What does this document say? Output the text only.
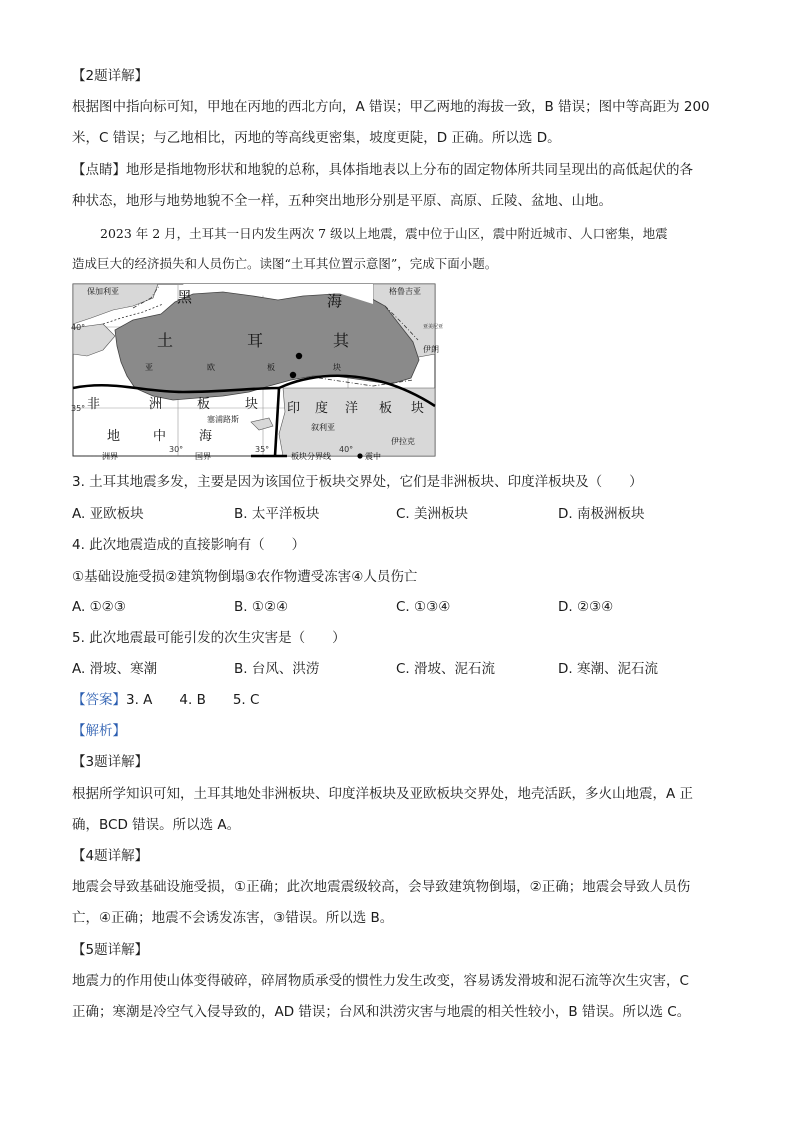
【2题详解】
根据图中指向标可知，甲地在丙地的西北方向，A 错误；甲乙两地的海拔一致，B 错误；图中等高距为 200
米，C 错误；与乙地相比，丙地的等高线更密集，坡度更陡，D 正确。所以选 D。
【点睛】地形是指地物形状和地貌的总称，具体指地表以上分布的固定物体所共同呈现出的高低起伏的各
种状态，地形与地势地貌不全一样，五种突出地形分别是平原、高原、丘陵、盆地、山地。
2023 年 2 月，土耳其一日内发生两次 7 级以上地震，震中位于山区，震中附近城市、人口密集，地震
造成巨大的经济损失和人员伤亡。读图“土耳其位置示意图”，完成下面小题。
保加利亚	黑	海
格鲁吉亚
亚美尼亚
伊朗
土	耳	其
亚	欧	板	块
非	洲	板	块
塞浦路斯
印 度 洋 板 块
地	中	海
叙利亚
伊拉克
40°
35°
30°	35°	40°
洲界	国界	板块分界线	震中
3. 土耳其地震多发，主要是因为该国位于板块交界处，它们是非洲板块、印度洋板块及（　　）
A. 亚欧板块	B. 太平洋板块	C. 美洲板块	D. 南极洲板块
4. 此次地震造成的直接影响有（　　）
①基础设施受损②建筑物倒塌③农作物遭受冻害④人员伤亡
A. ①②③	B. ①②④	C. ①③④	D. ②③④
5. 此次地震最可能引发的次生灾害是（　　）
A. 滑坡、寒潮	B. 台风、洪涝	C. 滑坡、泥石流	D. 寒潮、泥石流
【答案】3. A　　4. B　　5. C
【解析】
【3题详解】
根据所学知识可知，土耳其地处非洲板块、印度洋板块及亚欧板块交界处，地壳活跃，多火山地震，A 正
确，BCD 错误。所以选 A。
【4题详解】
地震会导致基础设施受损，①正确；此次地震震级较高，会导致建筑物倒塌，②正确；地震会导致人员伤
亡，④正确；地震不会诱发冻害，③错误。所以选 B。
【5题详解】
地震力的作用使山体变得破碎，碎屑物质承受的惯性力发生改变，容易诱发滑坡和泥石流等次生灾害，C
正确；寒潮是冷空气入侵导致的，AD 错误；台风和洪涝灾害与地震的相关性较小，B 错误。所以选 C。
